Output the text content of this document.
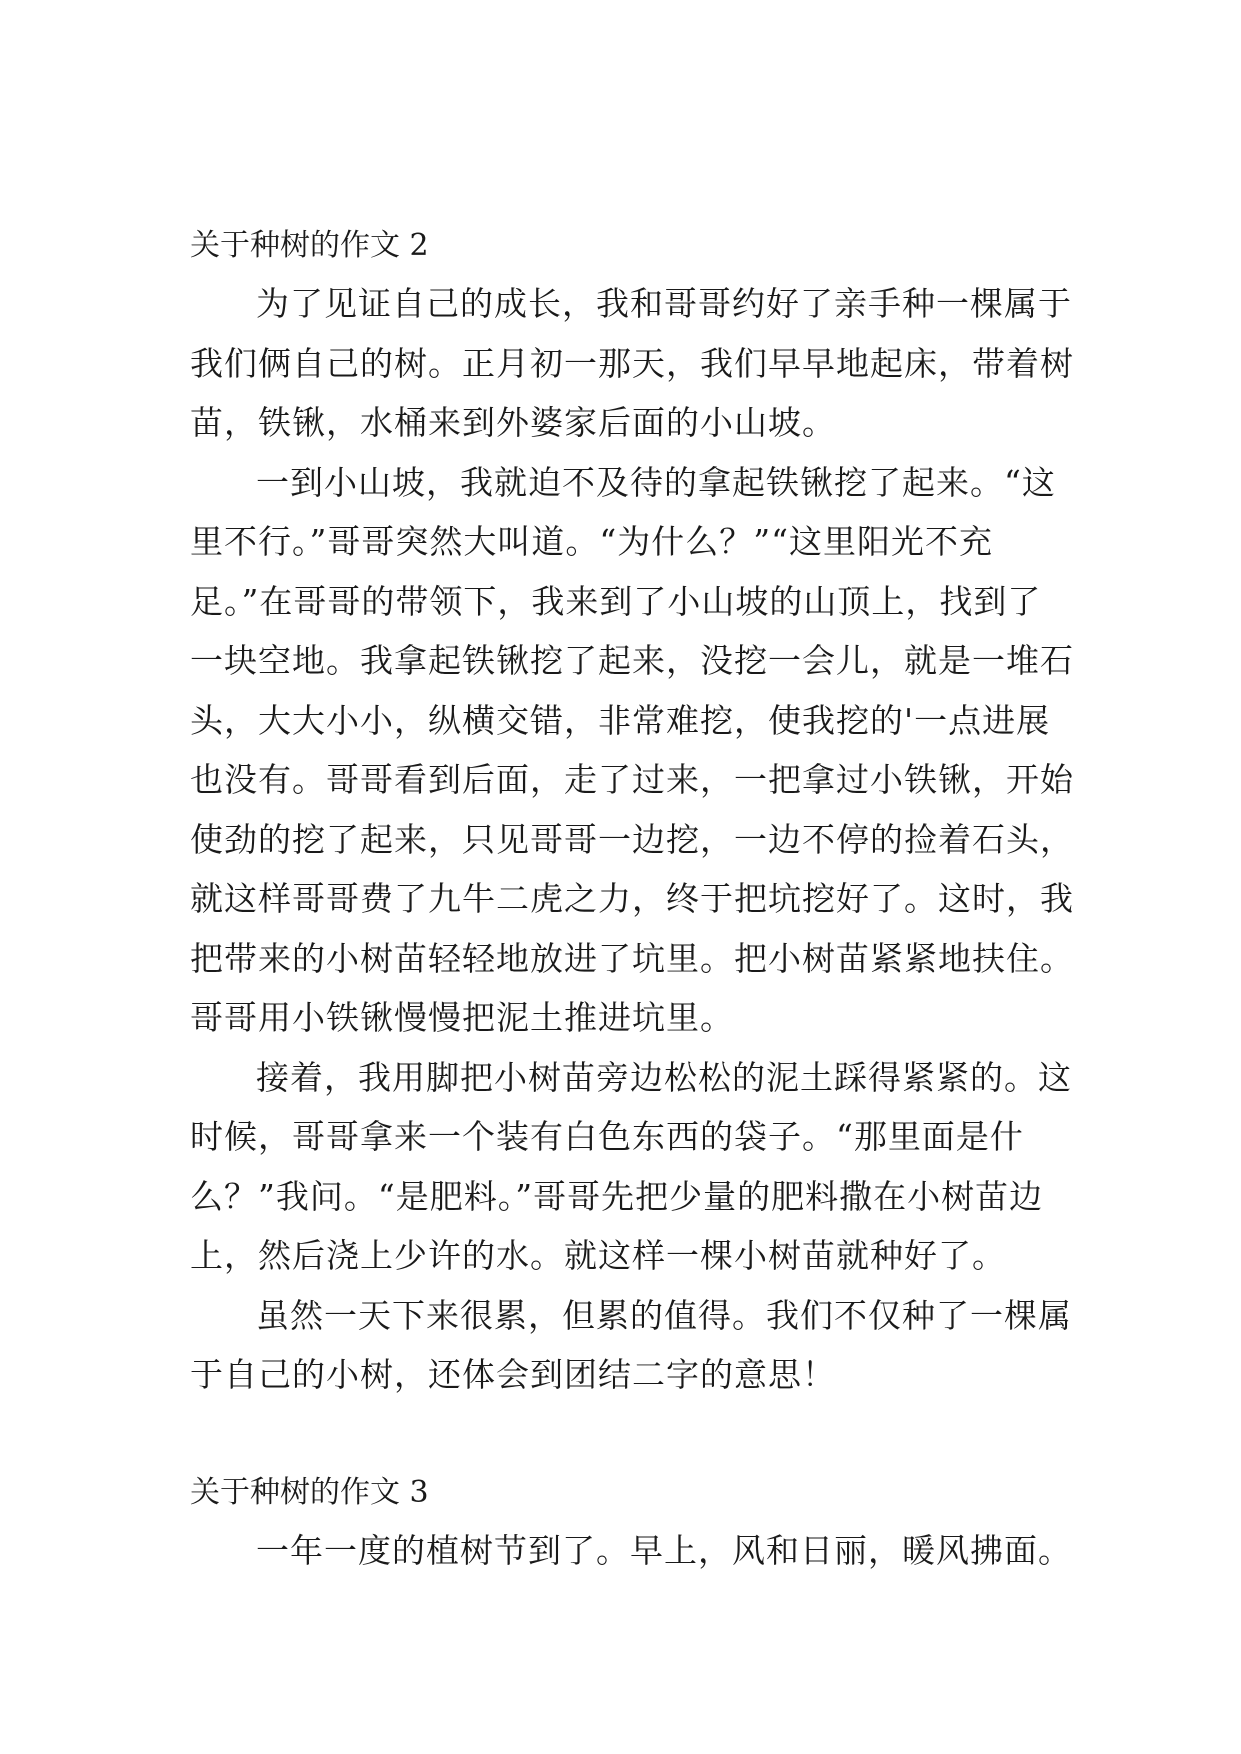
关于种树的作文 2

为了见证自己的成长，我和哥哥约好了亲手种一棵属于

我们俩自己的树。正月初一那天，我们早早地起床，带着树

苗，铁锹，水桶来到外婆家后面的小山坡。

一到小山坡，我就迫不及待的拿起铁锹挖了起来。“这

里不行。”哥哥突然大叫道。“为什么？”“这里阳光不充

足。”在哥哥的带领下，我来到了小山坡的山顶上，找到了

一块空地。我拿起铁锹挖了起来，没挖一会儿，就是一堆石

头，大大小小，纵横交错，非常难挖，使我挖的'一点进展

也没有。哥哥看到后面，走了过来，一把拿过小铁锹，开始

使劲的挖了起来，只见哥哥一边挖，一边不停的捡着石头，

就这样哥哥费了九牛二虎之力，终于把坑挖好了。这时，我

把带来的小树苗轻轻地放进了坑里。把小树苗紧紧地扶住。

哥哥用小铁锹慢慢把泥土推进坑里。

接着，我用脚把小树苗旁边松松的泥土踩得紧紧的。这

时候，哥哥拿来一个装有白色东西的袋子。“那里面是什

么？”我问。“是肥料。”哥哥先把少量的肥料撒在小树苗边

上，然后浇上少许的水。就这样一棵小树苗就种好了。

虽然一天下来很累，但累的值得。我们不仅种了一棵属

于自己的小树，还体会到团结二字的意思！

关于种树的作文 3

一年一度的植树节到了。早上，风和日丽，暖风拂面。
